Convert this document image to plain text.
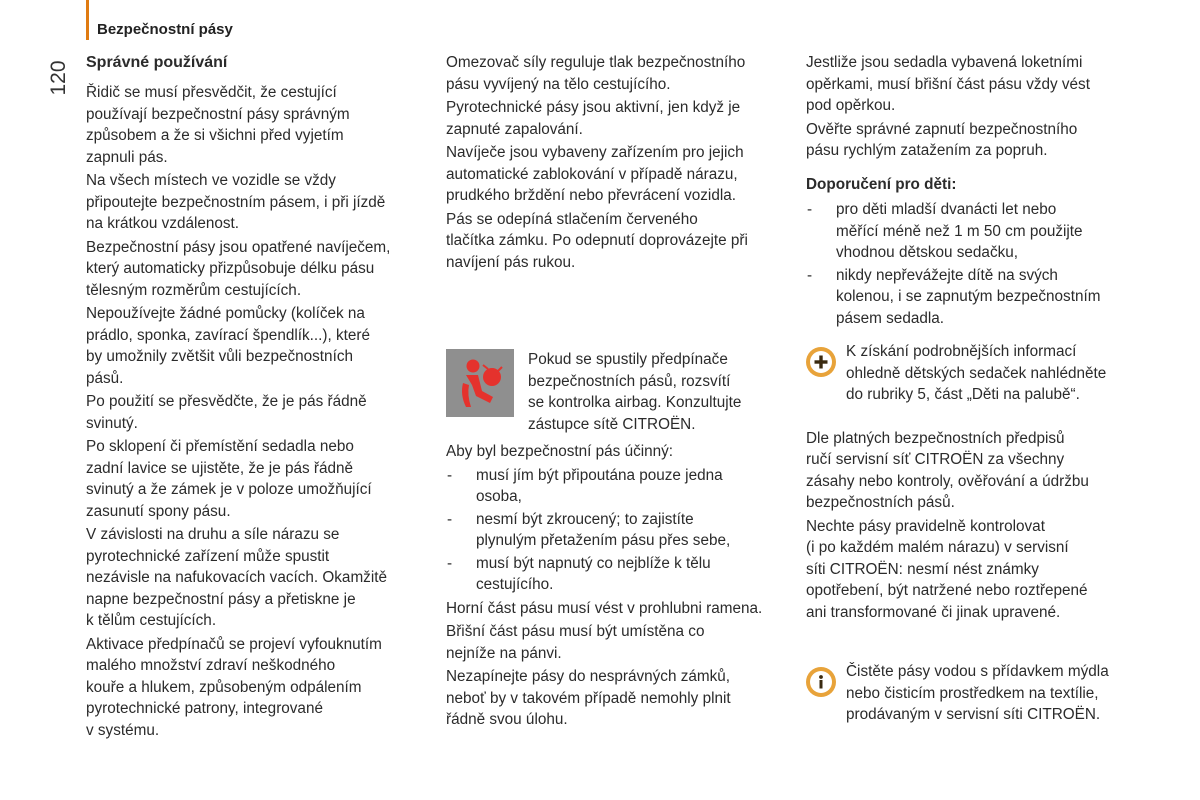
Bezpečnostní pásy
120	Správné používání

Řidič se musí přesvědčit, že cestující
používají bezpečnostní pásy správným
způsobem a že si všichni před vyjetím
zapnuli pás.

Na všech místech ve vozidle se vždy
připoutejte bezpečnostním pásem, i při jízdě
na krátkou vzdálenost.

Bezpečnostní pásy jsou opatřené navíječem,
který automaticky přizpůsobuje délku pásu
tělesným rozměrům cestujících.

Nepoužívejte žádné pomůcky (kolíček na
prádlo, sponka, zavírací špendlík...), které
by umožnily zvětšit vůli bezpečnostních
pásů.

Po použití se přesvědčte, že je pás řádně
svinutý.

Po sklopení či přemístění sedadla nebo
zadní lavice se ujistěte, že je pás řádně
svinutý a že zámek je v poloze umožňující
zasunutí spony pásu.

V závislosti na druhu a síle nárazu se
pyrotechnické zařízení může spustit
nezávisle na nafukovacích vacích. Okamžitě
napne bezpečnostní pásy a přetiskne je
k tělům cestujících.

Aktivace předpínačů se projeví vyfouknutím
malého množství zdraví neškodného
kouře a hlukem, způsobeným odpálením
pyrotechnické patrony, integrované
v systému.

Omezovač síly reguluje tlak bezpečnostního
pásu vyvíjený na tělo cestujícího.

Pyrotechnické pásy jsou aktivní, jen když je
zapnuté zapalování.

Navíječe jsou vybaveny zařízením pro jejich
automatické zablokování v případě nárazu,
prudkého brždění nebo převrácení vozidla.

Pás se odepíná stlačením červeného
tlačítka zámku. Po odepnutí doprovázejte při
navíjení pás rukou.

Pokud se spustily předpínače
bezpečnostních pásů, rozsvítí
se kontrolka airbag. Konzultujte
zástupce sítě CITROËN.

Aby byl bezpečnostní pás účinný:

- musí jím být připoutána pouze jedna
osoba,
- nesmí být zkroucený; to zajistíte
plynulým přetažením pásu přes sebe,
- musí být napnutý co nejblíže k tělu
cestujícího.

Horní část pásu musí vést v prohlubni ramena.

Břišní část pásu musí být umístěna co
nejníže na pánvi.

Nezapínejte pásy do nesprávných zámků,
neboť by v takovém případě nemohly plnit
řádně svou úlohu.

Jestliže jsou sedadla vybavená loketními
opěrkami, musí břišní část pásu vždy vést
pod opěrkou.

Ověřte správné zapnutí bezpečnostního
pásu rychlým zatažením za popruh.

Doporučení pro děti:

- pro děti mladší dvanácti let nebo
měřící méně než 1 m 50 cm použijte
vhodnou dětskou sedačku,
- nikdy nepřevážejte dítě na svých
kolenou, i se zapnutým bezpečnostním
pásem sedadla.
K získání podrobnějších informací
ohledně dětských sedaček nahlédněte
do rubriky 5, část „Děti na palubě“.

Dle platných bezpečnostních předpisů
ručí servisní síť CITROËN za všechny
zásahy nebo kontroly, ověřování a údržbu
bezpečnostních pásů.

Nechte pásy pravidelně kontrolovat
(i po každém malém nárazu) v servisní
síti CITROËN: nesmí nést známky
opotřebení, být natržené nebo roztřepené
ani transformované či jinak upravené.

Čistěte pásy vodou s přídavkem mýdla
nebo čisticím prostředkem na textílie,
prodávaným v servisní síti CITROËN.
